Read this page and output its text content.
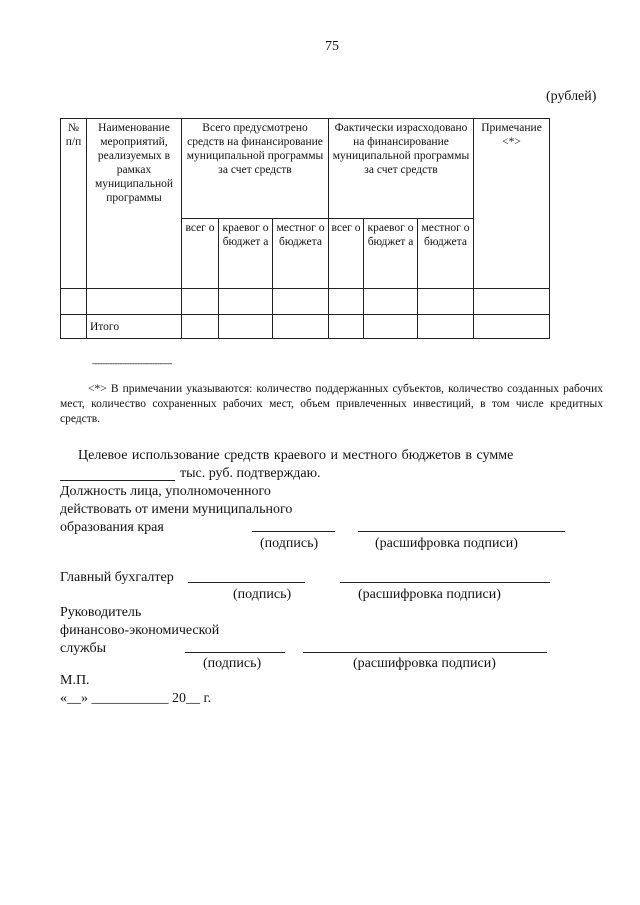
75
(рублей)
№ п/п	Наименование мероприятий, реализуемых в рамках муниципальной программы	Всего предусмотрено средств на финансирование муниципальной программы за счет средств			Фактически израсходовано на финансирование муниципальной программы за счет средств			Примечание <*>
		всег о	краевог о бюджет а	местног о бюджета	всег о	краевог о бюджет а	местног о бюджета	

	Итого							
--------------------------------
<*> В примечании указываются: количество поддержанных субъектов, количество созданных рабочих мест, количество сохраненных рабочих мест, объем привлеченных инвестиций, в том числе кредитных средств.
Целевое использование средств краевого и местного бюджетов в сумме
тыс. руб. подтверждаю.
Должность лица, уполномоченного
действовать от имени муниципального
образования края
(подпись)	(расшифровка подписи)
Главный бухгалтер
(подпись)	(расшифровка подписи)
Руководитель
финансово-экономической
службы
(подпись)	(расшифровка подписи)
М.П.
«__» ___________ 20__ г.
